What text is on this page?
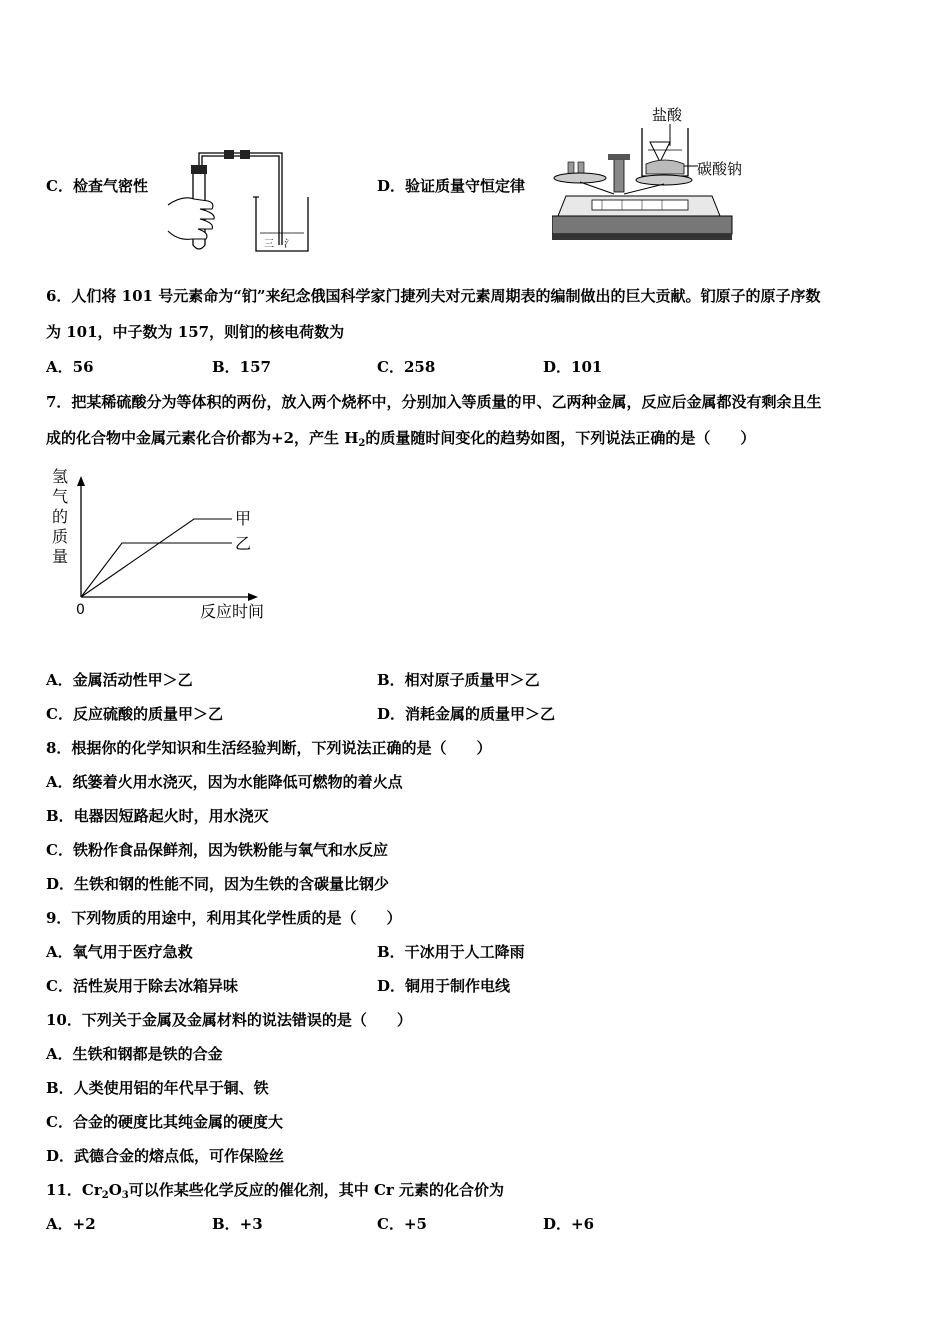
C．检查气密性
三 氵
D．验证质量守恒定律
盐酸
碳酸钠
6．人们将 101 号元素命为“钔”来纪念俄国科学家门捷列夫对元素周期表的编制做出的巨大贡献。钔原子的原子序数
为 101，中子数为 157，则钔的核电荷数为
A．56	B．157	C．258	D．101
7．把某稀硫酸分为等体积的两份，放入两个烧杯中，分别加入等质量的甲、乙两种金属，反应后金属都没有剩余且生
成的化合物中金属元素化合价都为+2，产生 $H_2$的质量随时间变化的趋势如图，下列说法正确的是（　　）
氢
气
的
质
量
0	反应时间
甲
乙
A．金属活动性甲＞乙	B．相对原子质量甲＞乙
C．反应硫酸的质量甲＞乙	D．消耗金属的质量甲＞乙
8．根据你的化学知识和生活经验判断，下列说法正确的是（　　）
A．纸篓着火用水浇灭，因为水能降低可燃物的着火点
B．电器因短路起火时，用水浇灭
C．铁粉作食品保鲜剂，因为铁粉能与氧气和水反应
D．生铁和钢的性能不同，因为生铁的含碳量比钢少
9．下列物质的用途中，利用其化学性质的是（　　）
A．氧气用于医疗急救	B．干冰用于人工降雨
C．活性炭用于除去冰箱异味	D．铜用于制作电线
10．下列关于金属及金属材料的说法错误的是（　　）
A．生铁和钢都是铁的合金
B．人类使用铝的年代早于铜、铁
C．合金的硬度比其纯金属的硬度大
D．武德合金的熔点低，可作保险丝
11．$Cr_2O_3$可以作某些化学反应的催化剂，其中 Cr 元素的化合价为
A．+2	B．+3	C．+5	D．+6
